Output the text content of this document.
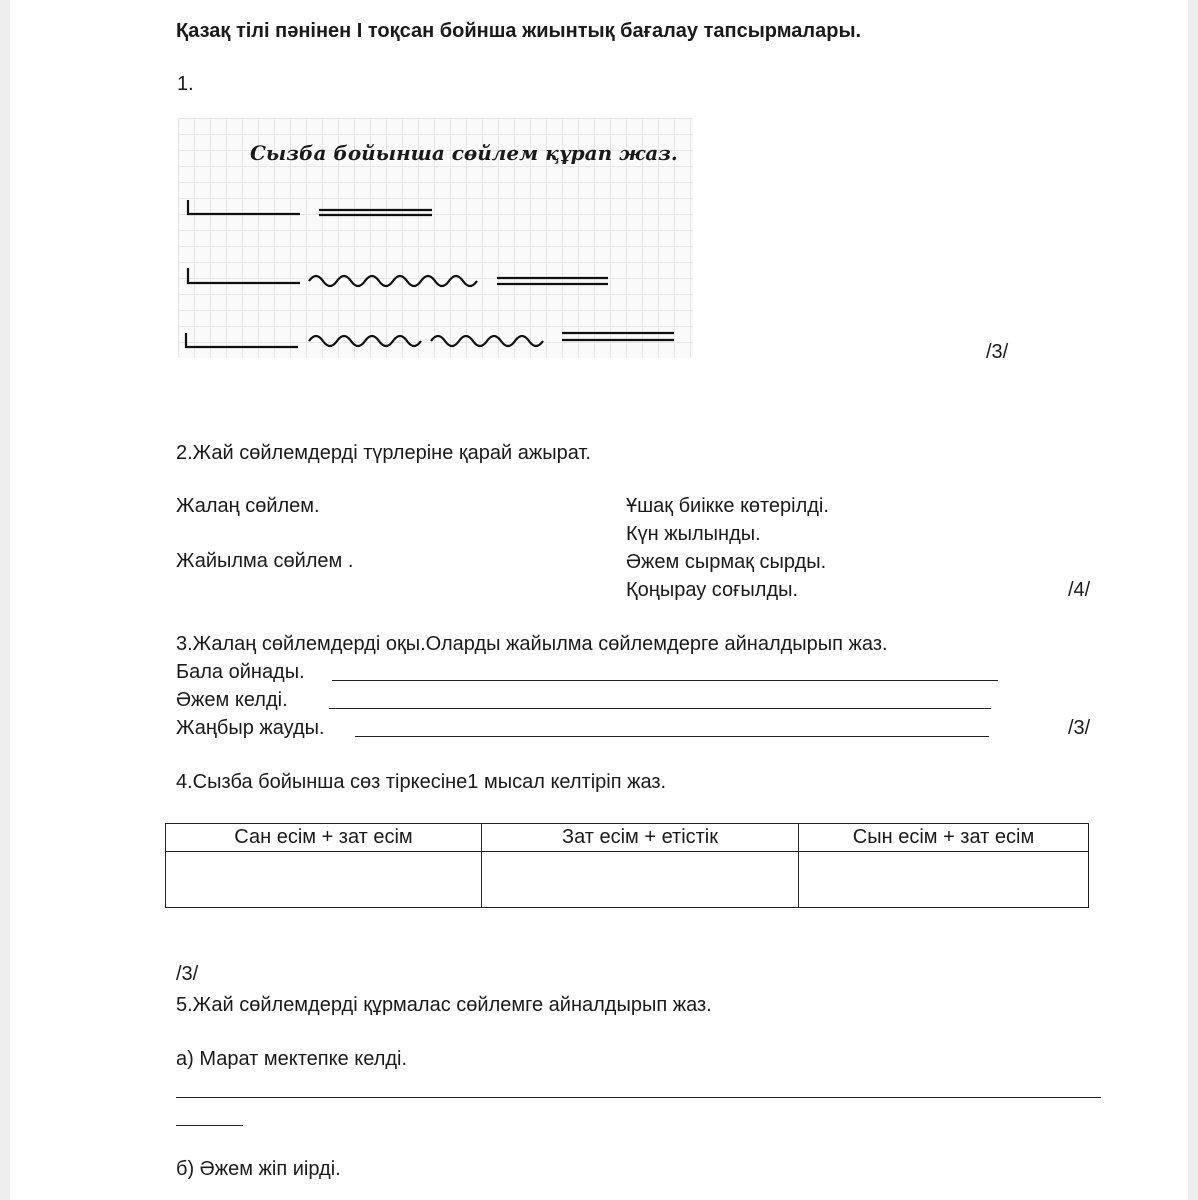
Қазақ тілі пәнінен I тоқсан бойнша жиынтық бағалау тапсырмалары.
1.
Сызба бойынша сөйлем құрап жаз.
/3/
2.Жай сөйлемдерді түрлеріне қарай ажырат.
Жалаң сөйлем.
Жайылма сөйлем .
Ұшақ биікке көтерілді.
Күн жылынды.
Әжем сырмақ сырды.
Қоңырау соғылды.	/4/
3.Жалаң сөйлемдерді оқы.Оларды жайылма сөйлемдерге айналдырып жаз.
Бала ойнады.
Әжем келді.
Жаңбыр жауды.	/3/
4.Сызба бойынша сөз тіркесіне1 мысал келтіріп жаз.
Сан есім + зат есім	Зат есім + етістік	Сын есім + зат есім

/3/
5.Жай сөйлемдерді құрмалас сөйлемге айналдырып жаз.
а) Марат мектепке келді.
б) Әжем жіп иірді.
